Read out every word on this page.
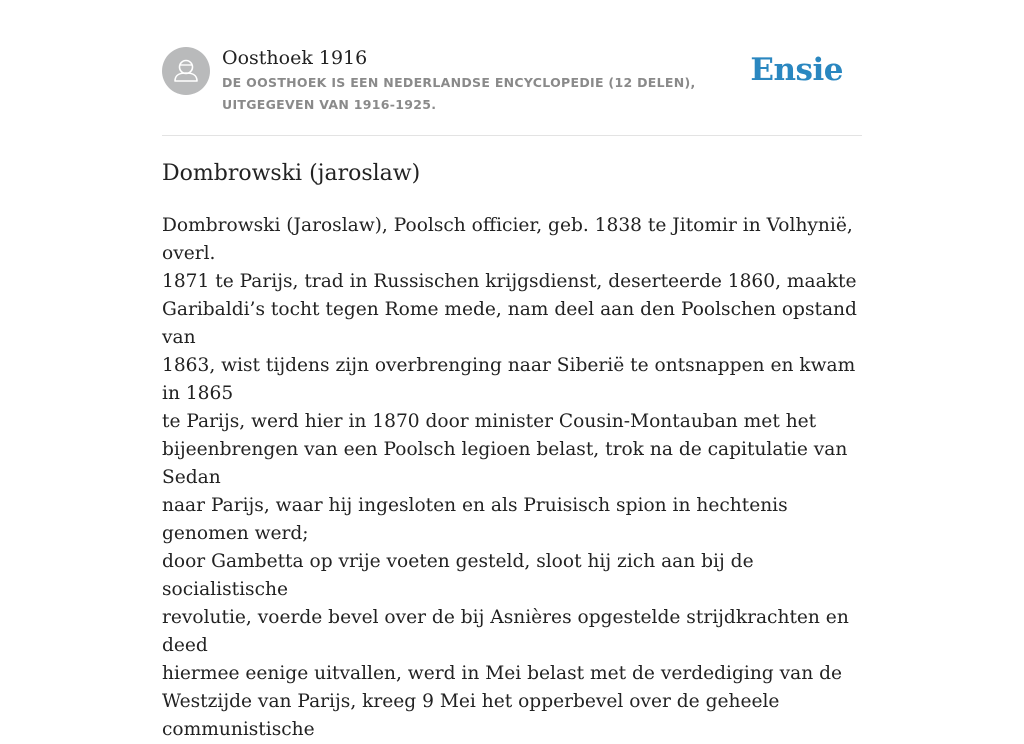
Oosthoek 1916
DE OOSTHOEK IS EEN NEDERLANDSE ENCYCLOPEDIE (12 DELEN), UITGEGEVEN VAN 1916-1925.
Ensie
Dombrowski (jaroslaw)
Dombrowski (Jaroslaw), Poolsch officier, geb. 1838 te Jitomir in Volhynië, overl.
1871 te Parijs, trad in Russischen krijgsdienst, deserteerde 1860, maakte
Garibaldi’s tocht tegen Rome mede, nam deel aan den Poolschen opstand van
1863, wist tijdens zijn overbrenging naar Siberië te ontsnappen en kwam in 1865
te Parijs, werd hier in 1870 door minister Cousin-Montauban met het
bijeenbrengen van een Poolsch legioen belast, trok na de capitulatie van Sedan
naar Parijs, waar hij ingesloten en als Pruisisch spion in hechtenis genomen werd;
door Gambetta op vrije voeten gesteld, sloot hij zich aan bij de socialistische
revolutie, voerde bevel over de bij Asnières opgestelde strijdkrachten en deed
hiermee eenige uitvallen, werd in Mei belast met de verdediging van de
Westzijde van Parijs, kreeg 9 Mei het opperbevel over de geheele communistische
